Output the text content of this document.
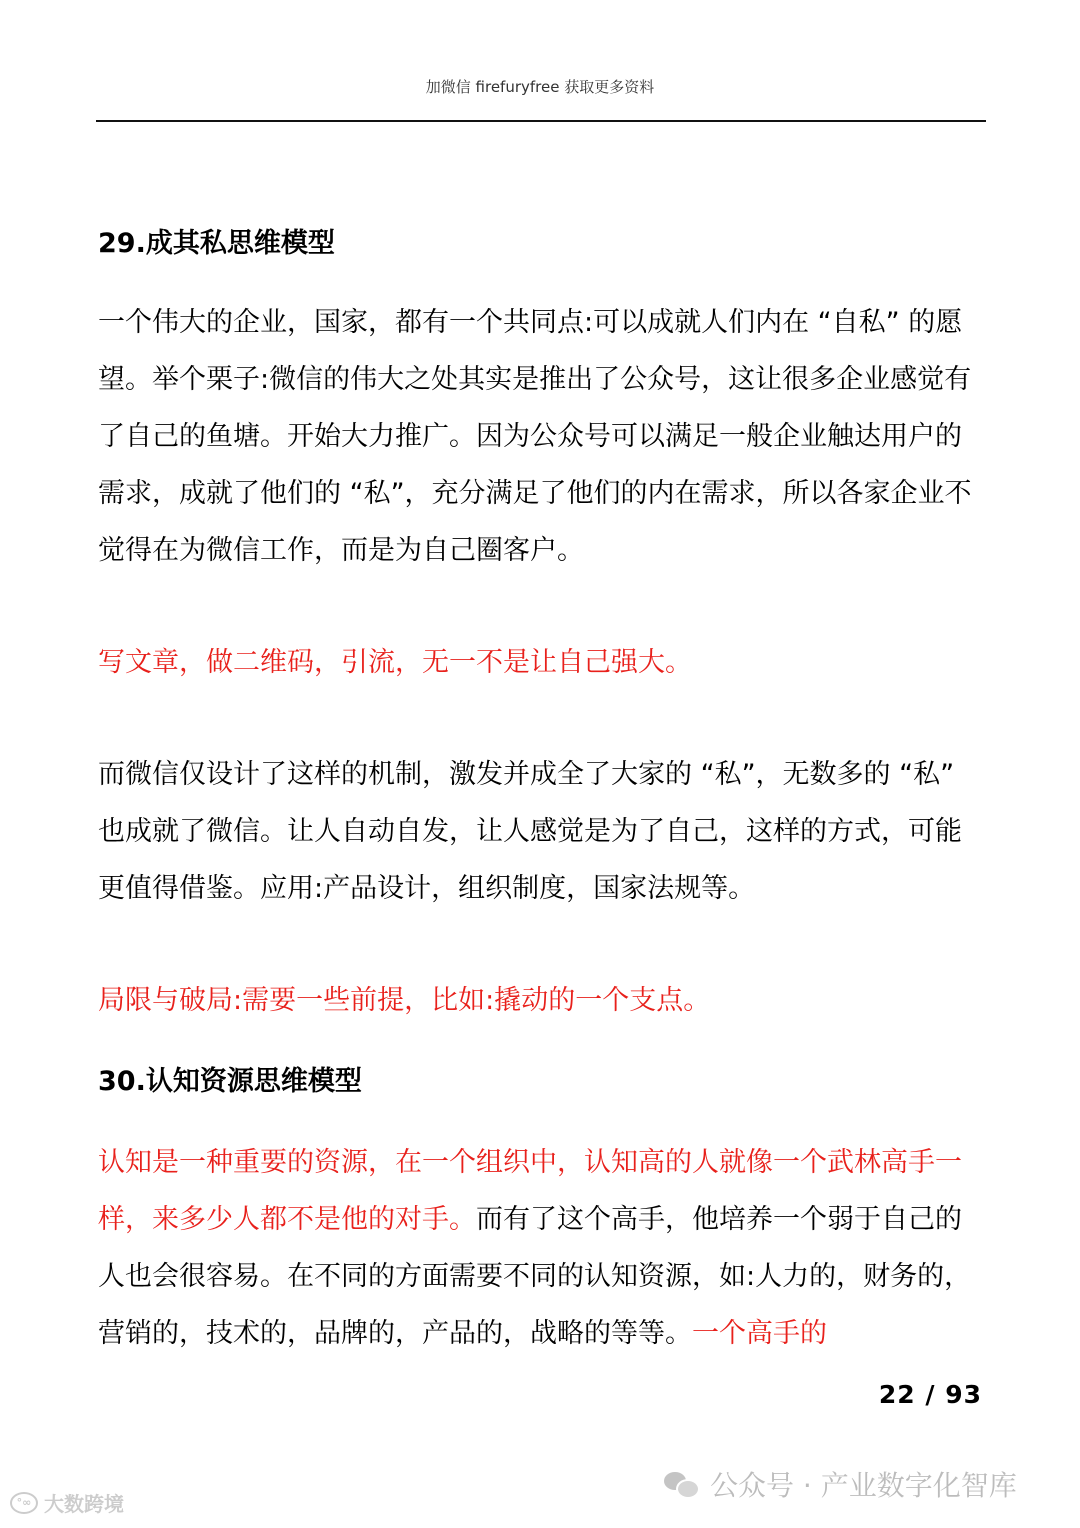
加微信 firefuryfree 获取更多资料
29.成其私思维模型
一个伟大的企业，国家，都有一个共同点:可以成就人们内在 “自私” 的愿望。举个栗子:微信的伟大之处其实是推出了公众号，这让很多企业感觉有了自己的鱼塘。开始大力推广。因为公众号可以满足一般企业触达用户的需求，成就了他们的 “私”，充分满足了他们的内在需求，所以各家企业不觉得在为微信工作，而是为自己圈客户。
写文章，做二维码，引流，无一不是让自己强大。
而微信仅设计了这样的机制，激发并成全了大家的 “私”，无数多的 “私” 也成就了微信。让人自动自发，让人感觉是为了自己，这样的方式，可能更值得借鉴。应用:产品设计，组织制度，国家法规等。
局限与破局:需要一些前提，比如:撬动的一个支点。
30.认知资源思维模型
认知是一种重要的资源，在一个组织中，认知高的人就像一个武林高手一样，来多少人都不是他的对手。而有了这个高手，他培养一个弱于自己的人也会很容易。在不同的方面需要不同的认知资源，如:人力的，财务的，营销的，技术的，品牌的，产品的，战略的等等。一个高手的
22 / 93
°∞ 大数跨境
公众号 · 产业数字化智库
